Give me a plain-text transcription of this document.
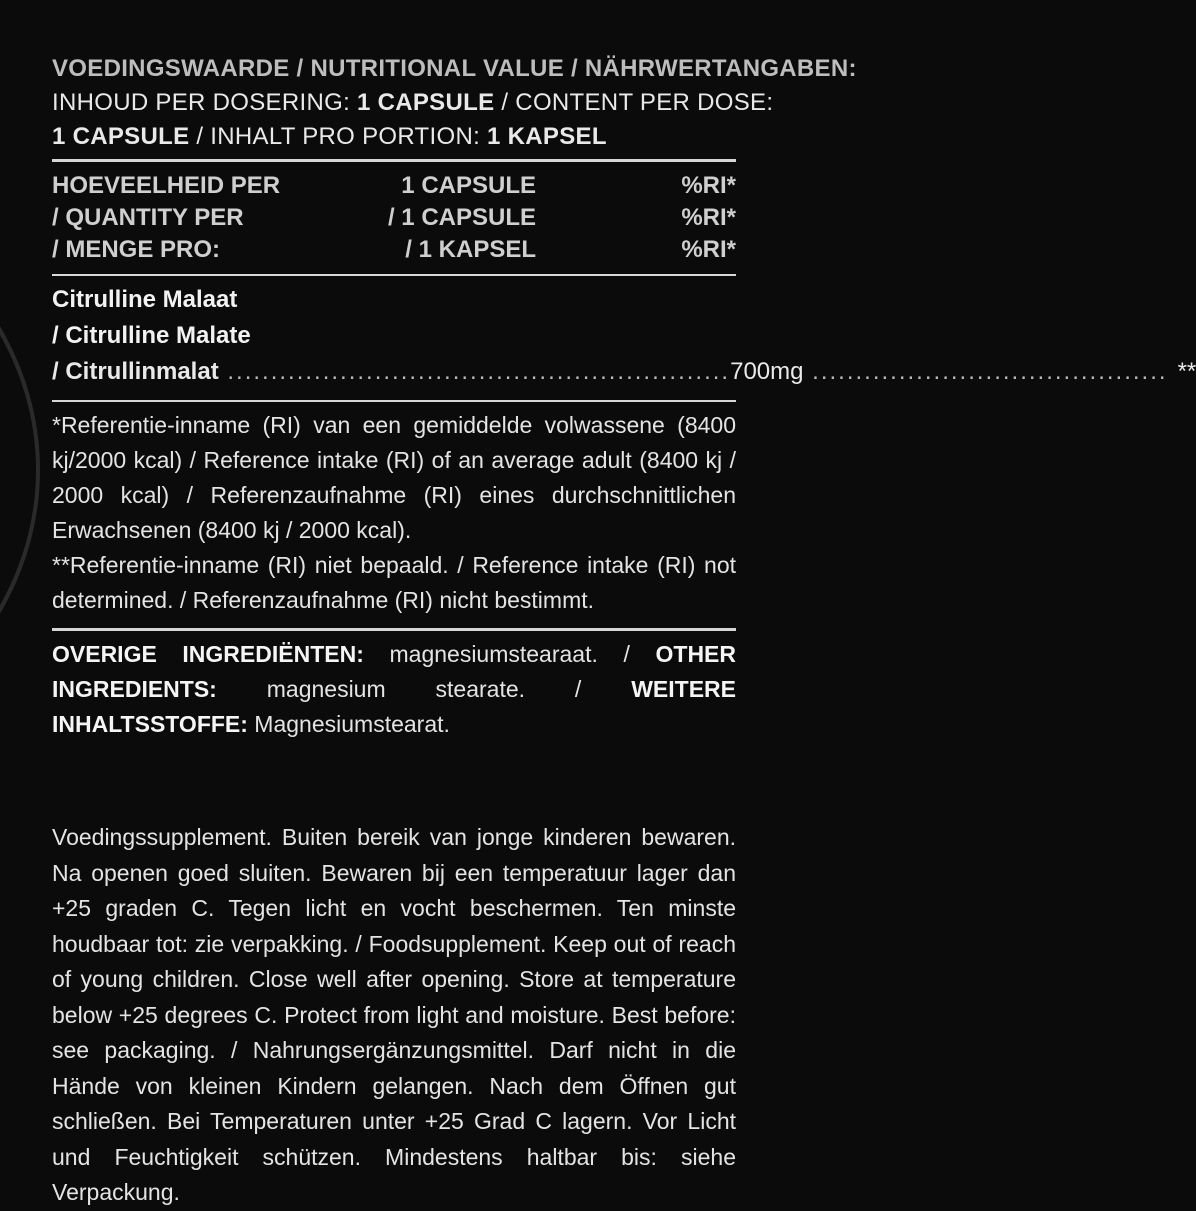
VOEDINGSWAARDE / NUTRITIONAL VALUE / NÄHRWERTANGABEN:
INHOUD PER DOSERING: 1 CAPSULE / CONTENT PER DOSE:
1 CAPSULE / INHALT PRO PORTION: 1 KAPSEL
HOEVEELHEID PER	1 CAPSULE	%RI*
/ QUANTITY PER	/ 1 CAPSULE	%RI*
/ MENGE PRO:	/ 1 KAPSEL	%RI*
Citrulline Malaat
/ Citrulline Malate
/ Citrullinmalat .......................................................... 700mg ......................................... **

*Referentie-inname (RI) van een gemiddelde volwassene (8400 kj/2000 kcal) / Reference intake (RI) of an average adult (8400 kj / 2000 kcal) / Referenzaufnahme (RI) eines durchschnittlichen Erwachsenen (8400 kj / 2000 kcal).

**Referentie-inname (RI) niet bepaald. / Reference intake (RI) not determined. / Referenzaufnahme (RI) nicht bestimmt.

OVERIGE INGREDIËNTEN: magnesiumstearaat. / OTHER INGREDIENTS: magnesium stearate. / WEITERE INHALTSSTOFFE: Magnesiumstearat.
Voedingssupplement. Buiten bereik van jonge kinderen bewaren. Na openen goed sluiten. Bewaren bij een temperatuur lager dan +25 graden C. Tegen licht en vocht beschermen. Ten minste houdbaar tot: zie verpakking. / Foodsupplement. Keep out of reach of young children. Close well after opening. Store at temperature below +25 degrees C. Protect from light and moisture. Best before: see packaging. / Nahrungsergänzungsmittel. Darf nicht in die Hände von kleinen Kindern gelangen. Nach dem Öffnen gut schließen. Bei Temperaturen unter +25 Grad C lagern. Vor Licht und Feuchtigkeit schützen. Mindestens haltbar bis: siehe Verpackung.
